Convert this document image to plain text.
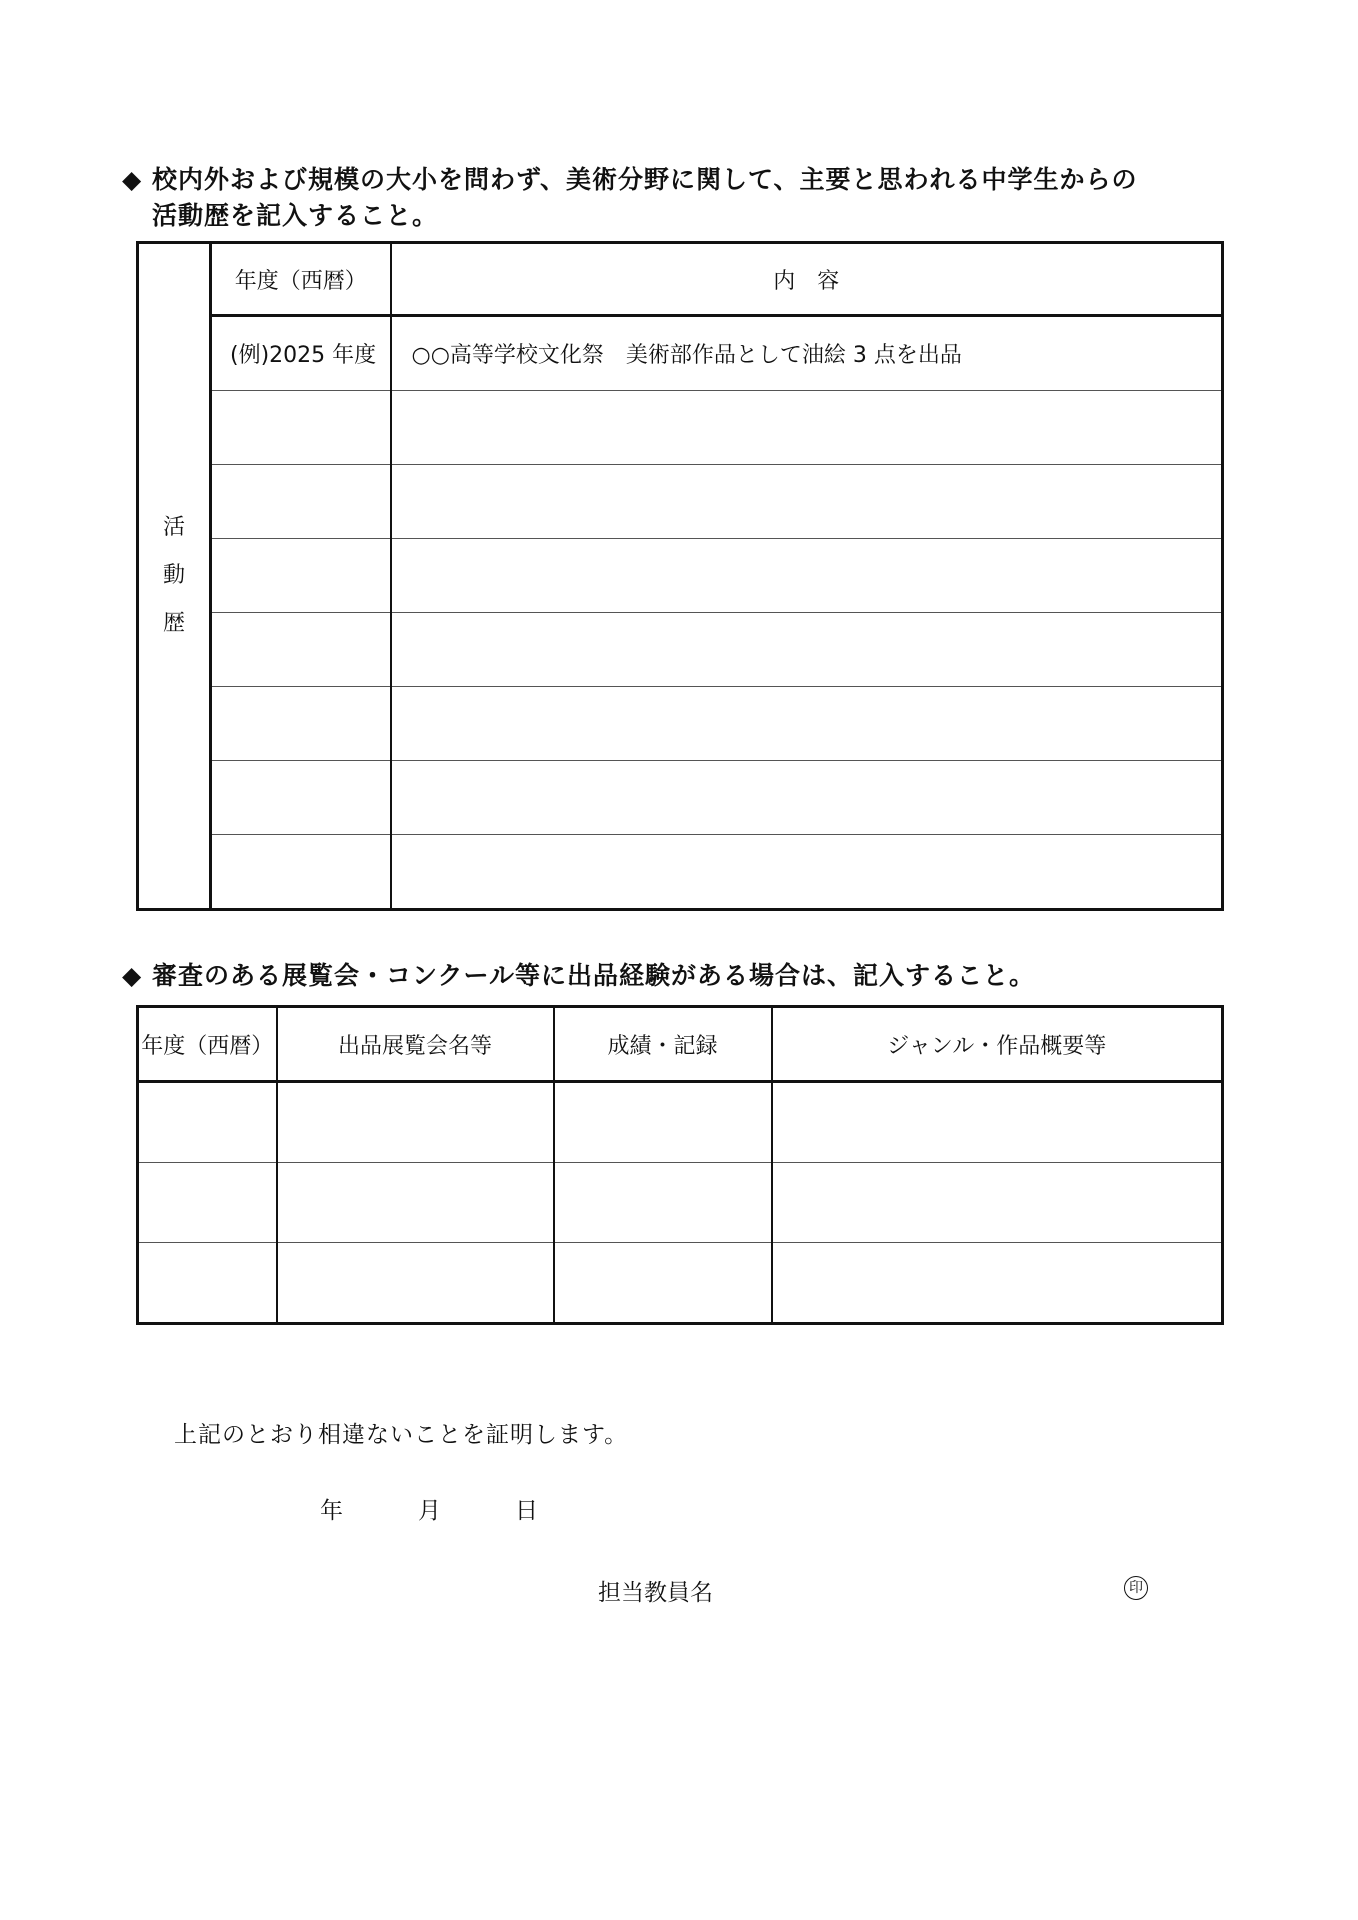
◆ 校内外および規模の大小を問わず、美術分野に関して、主要と思われる中学生からの
活動歴を記入すること。
活
動
歴	年度（西暦）	内　容
	(例)2025 年度	○○高等学校文化祭　美術部作品として油絵 3 点を出品

◆ 審査のある展覧会・コンクール等に出品経験がある場合は、記入すること。
年度（西暦）	出品展覧会名等	成績・記録	ジャンル・作品概要等

上記のとおり相違ないことを証明します。
年	月	日
担当教員名	印
